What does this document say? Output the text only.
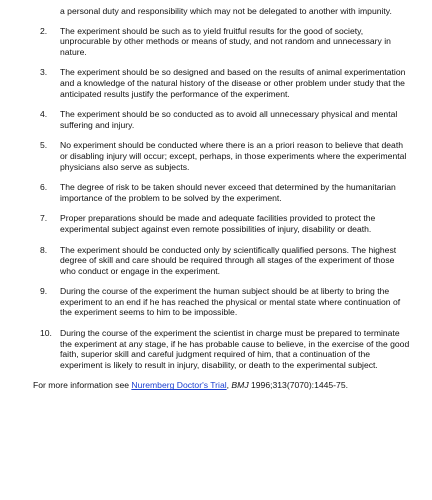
a personal duty and responsibility which may not be delegated to another with impunity.

2.	The experiment should be such as to yield fruitful results for the good of society, unprocurable by other methods or means of study, and not random and unnecessary in nature.
3.	The experiment should be so designed and based on the results of animal experimentation and a knowledge of the natural history of the disease or other problem under study that the anticipated results justify the performance of the experiment.
4.	The experiment should be so conducted as to avoid all unnecessary physical and mental suffering and injury.
5.	No experiment should be conducted where there is an a priori reason to believe that death or disabling injury will occur; except, perhaps, in those experiments where the experimental physicians also serve as subjects.
6.	The degree of risk to be taken should never exceed that determined by the humanitarian importance of the problem to be solved by the experiment.
7.	Proper preparations should be made and adequate facilities provided to protect the experimental subject against even remote possibilities of injury, disability or death.
8.	The experiment should be conducted only by scientifically qualified persons. The highest degree of skill and care should be required through all stages of the experiment of those who conduct or engage in the experiment.
9.	During the course of the experiment the human subject should be at liberty to bring the experiment to an end if he has reached the physical or mental state where continuation of the experiment seems to him to be impossible.
10. During the course of the experiment the scientist in charge must be prepared to terminate the experiment at any stage, if he has probable cause to believe, in the exercise of the good faith, superior skill and careful judgment required of him, that a continuation of the experiment is likely to result in injury, disability, or death to the experimental subject.

For more information see Nuremberg Doctor's Trial, BMJ 1996;313(7070):1445-75.
